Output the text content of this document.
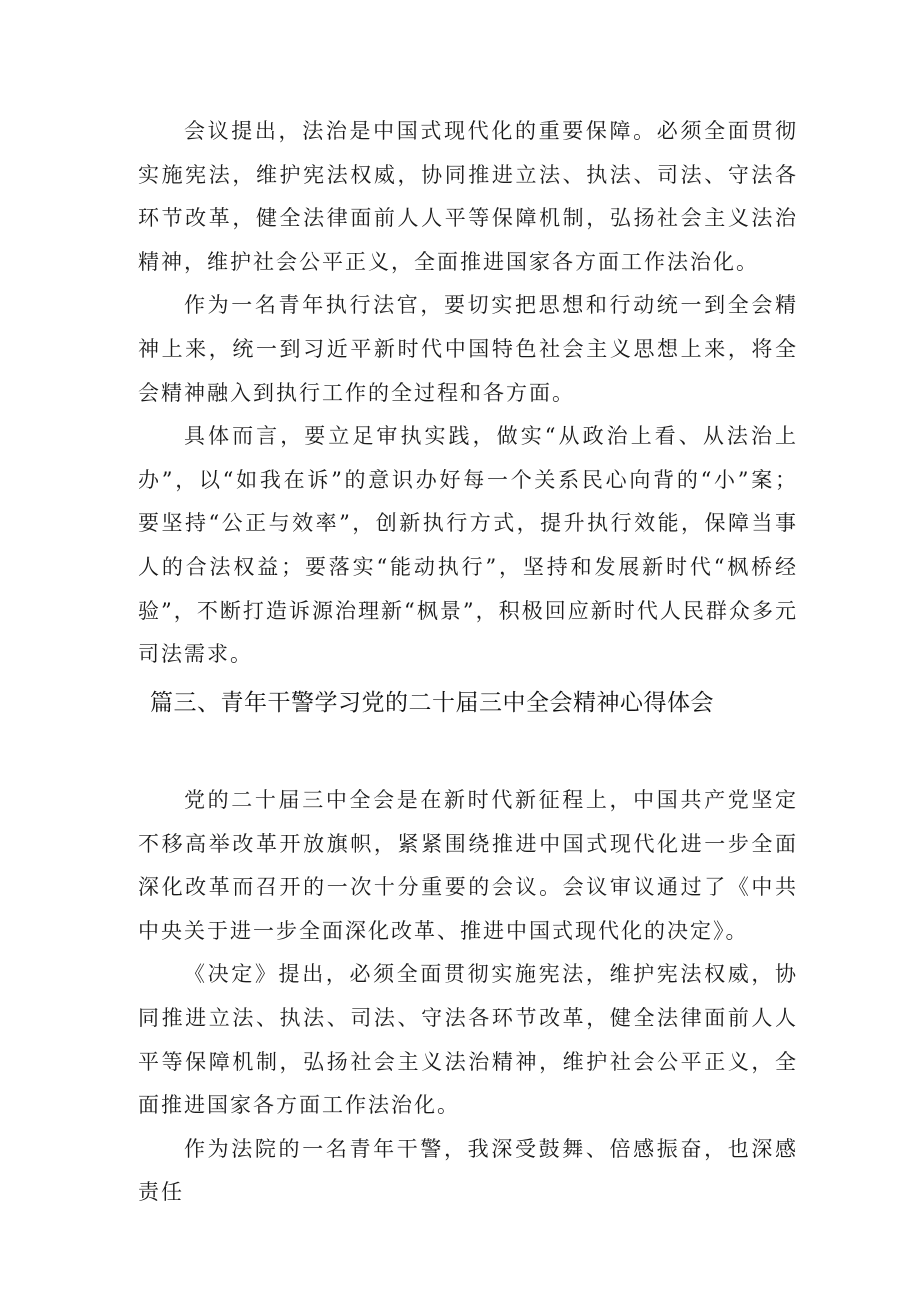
会议提出，法治是中国式现代化的重要保障。必须全面贯彻实施宪法，维护宪法权威，协同推进立法、执法、司法、守法各环节改革，健全法律面前人人平等保障机制，弘扬社会主义法治精神，维护社会公平正义，全面推进国家各方面工作法治化。

作为一名青年执行法官，要切实把思想和行动统一到全会精神上来，统一到习近平新时代中国特色社会主义思想上来，将全会精神融入到执行工作的全过程和各方面。

具体而言，要立足审执实践，做实“从政治上看、从法治上办”，以“如我在诉”的意识办好每一个关系民心向背的“小”案；要坚持“公正与效率”，创新执行方式，提升执行效能，保障当事人的合法权益；要落实“能动执行”，坚持和发展新时代“枫桥经验”，不断打造诉源治理新“枫景”，积极回应新时代人民群众多元司法需求。

篇三、青年干警学习党的二十届三中全会精神心得体会

党的二十届三中全会是在新时代新征程上，中国共产党坚定不移高举改革开放旗帜，紧紧围绕推进中国式现代化进一步全面深化改革而召开的一次十分重要的会议。会议审议通过了《中共中央关于进一步全面深化改革、推进中国式现代化的决定》。

《决定》提出，必须全面贯彻实施宪法，维护宪法权威，协同推进立法、执法、司法、守法各环节改革，健全法律面前人人平等保障机制，弘扬社会主义法治精神，维护社会公平正义，全面推进国家各方面工作法治化。

作为法院的一名青年干警，我深受鼓舞、倍感振奋，也深感责任
